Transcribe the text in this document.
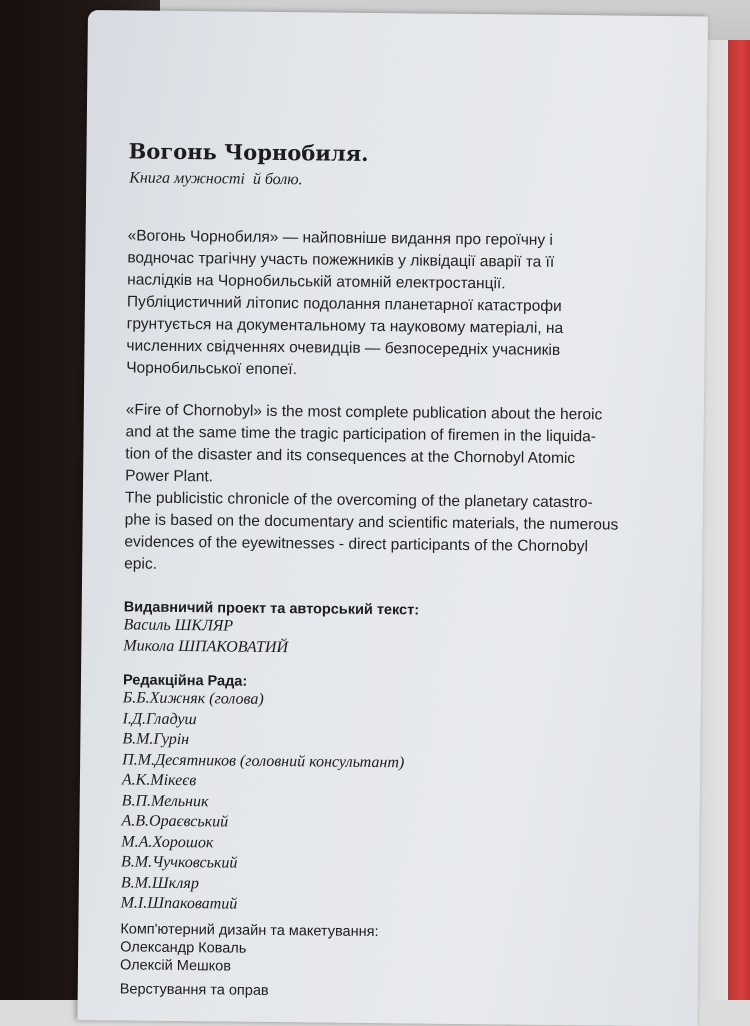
Вогонь Чорнобиля.
Книга мужності  й болю.
«Вогонь Чорнобиля» — найповніше видання про героїчну і
водночас трагічну участь пожежників у ліквідації аварії та її
наслідків на Чорнобильській атомній електростанції.
Публіцистичний літопис подолання планетарної катастрофи
грунтується на документальному та науковому матеріалі, на
численних свідченнях очевидців — безпосередніх учасників
Чорнобильської епопеї.
«Fire of Chornobyl» is the most complete publication about the heroic
and at the same time the tragic participation of firemen in the liquida-
tion of the disaster and its consequences at the Chornobyl Atomic
Power Plant.
The publicistic chronicle of the overcoming of the planetary catastro-
phe is based on the documentary and scientific materials, the numerous
evidences of the eyewitnesses - direct participants of the Chornobyl
epic.
Видавничий проект та авторський текст:
Василь ШКЛЯР
Микола ШПАКОВАТИЙ
Редакційна Рада:
Б.Б.Хижняк (голова)
І.Д.Гладуш
В.М.Гурін
П.М.Десятников (головний консультант)
А.К.Мікеєв
В.П.Мельник
А.В.Ораєвський
М.А.Хорошок
В.М.Чучковський
В.М.Шкляр
М.І.Шпаковатий
Комп'ютерний дизайн та макетування:
Олександр Коваль
Олексій Мешков
Верстування та оправ
